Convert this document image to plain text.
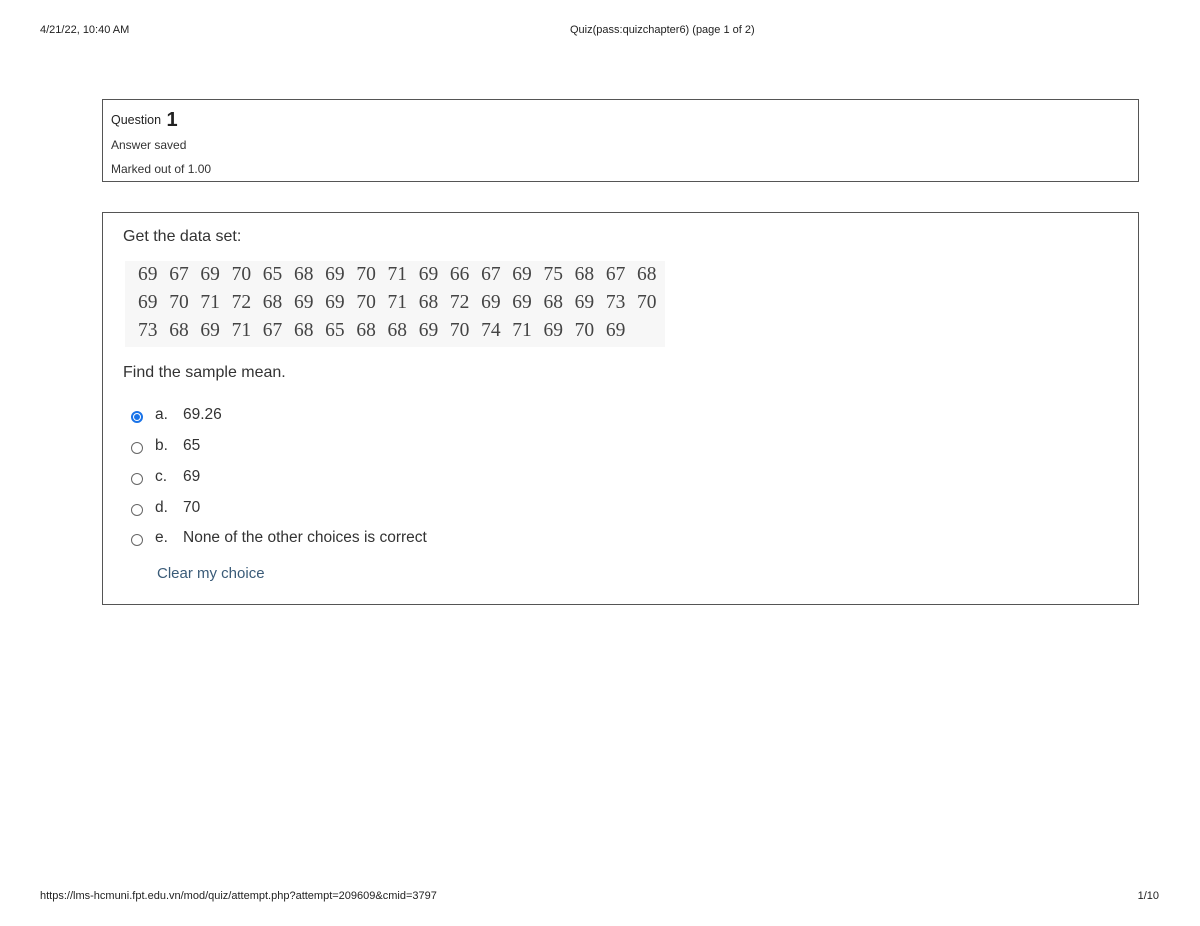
4/21/22, 10:40 AM	Quiz(pass:quizchapter6) (page 1 of 2)
Question 1
Answer saved
Marked out of 1.00
Get the data set:
69 67 69 70 65 68 69 70 71 69 66 67 69 75 68 67 68
69 70 71 72 68 69 69 70 71 68 72 69 69 68 69 73 70
73 68 69 71 67 68 65 68 68 69 70 74 71 69 70 69
Find the sample mean.
a. 69.26
b. 65
c. 69
d. 70
e. None of the other choices is correct
Clear my choice
https://lms-hcmuni.fpt.edu.vn/mod/quiz/attempt.php?attempt=209609&cmid=3797	1/10
